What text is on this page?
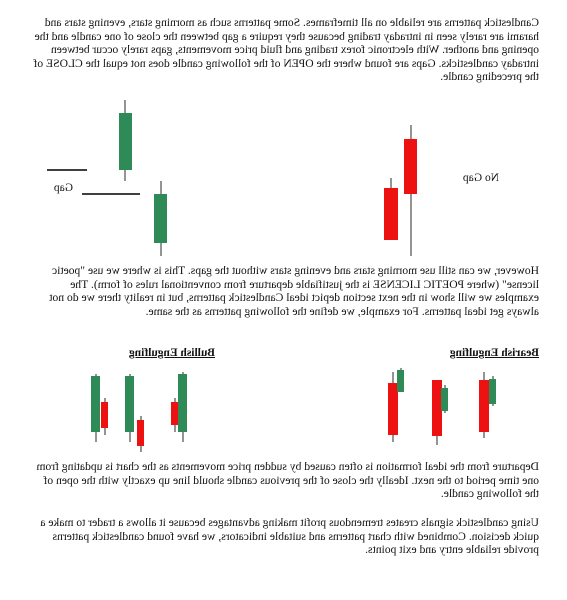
Candlestick patterns are reliable on all timeframes. Some patterns such as morning stars, evening stars and harami are rarely seen in intraday trading because they require a gap between the close of one candle and the opening and another. With electronic forex trading and fluid price movements, gaps rarely occur between intraday candlesticks. Gaps are found where the OPEN of the following candle does not equal the CLOSE of the preceding candle.

No Gap
Gap

However, we can still use morning stars and evening stars without the gaps. This is where we use "poetic license" (where POETIC LICENSE is the justifiable departure from conventional rules of form). The examples we will show in the next section depict ideal Candlestick patterns, but in reality there we do not always get ideal patterns. For example, we define the following patterns as the same.

Bearish Engulfing
Bullish Engulfing

Departure from the ideal formation is often caused by sudden price movements as the chart is updating from one time period to the next. Ideally the close of the previous candle should line up exactly with the open of the following candle.

Using candlestick signals creates tremendous profit making advantages because it allows a trader to make a quick decision. Combined with chart patterns and suitable indicators, we have found candlestick patterns provide reliable entry and exit points.
